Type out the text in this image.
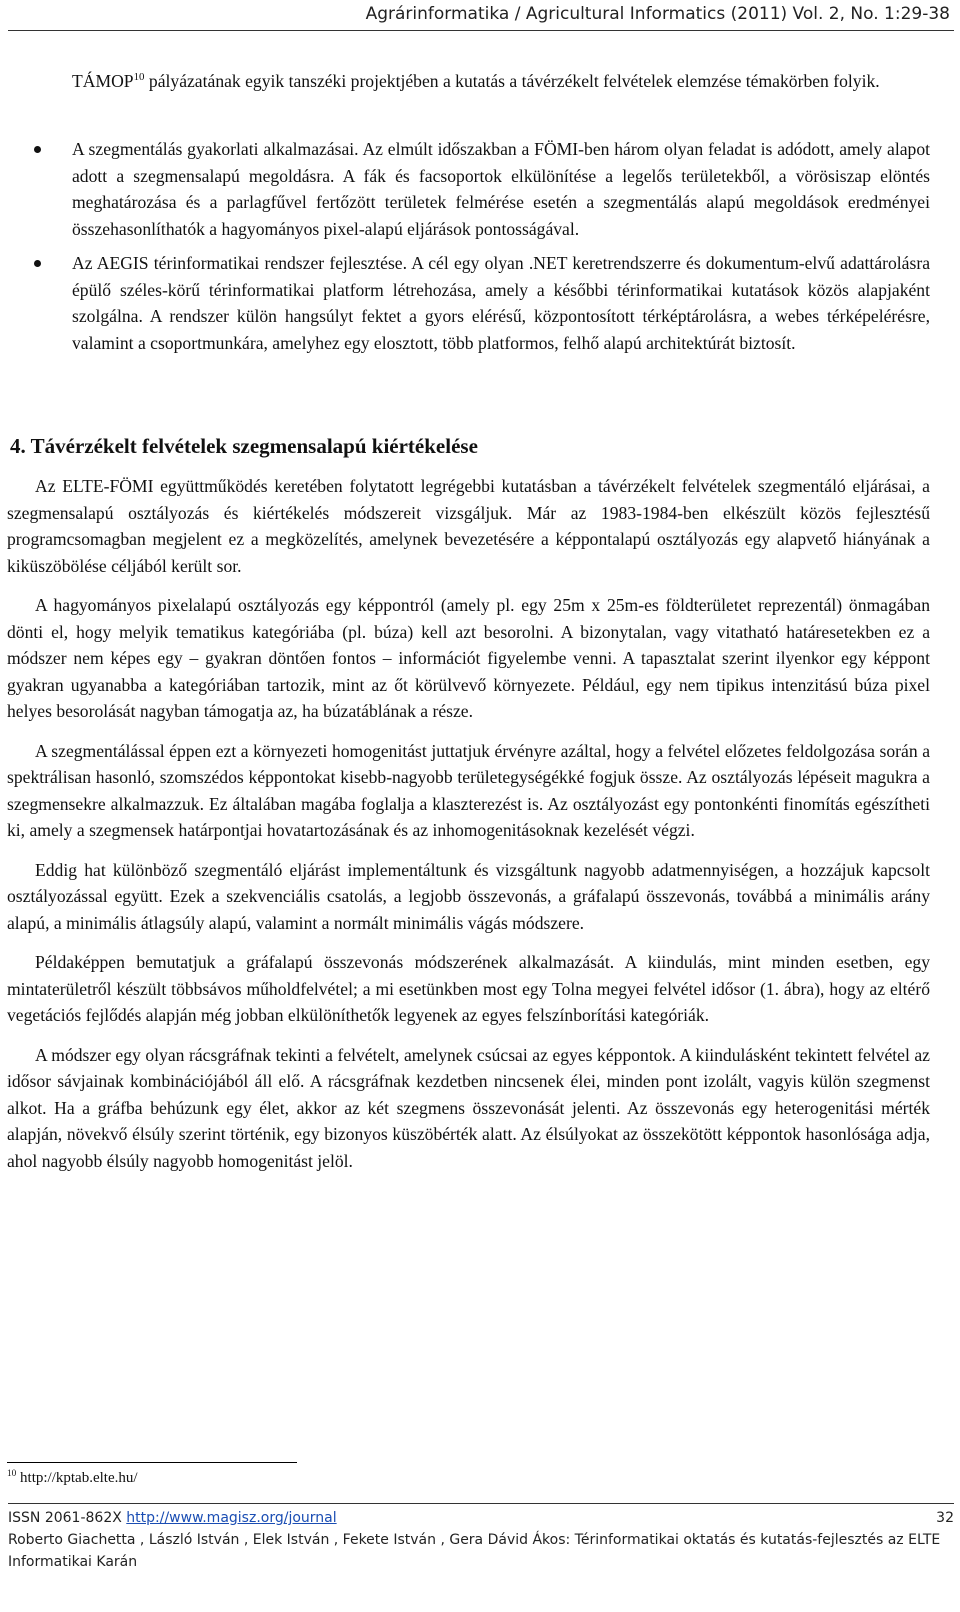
Agrárinformatika / Agricultural Informatics (2011) Vol. 2, No. 1:29-38

TÁMOP$^{10}$ pályázatának egyik tanszéki projektjében a kutatás a távérzékelt felvételek elemzése témakörben folyik.

A szegmentálás gyakorlati alkalmazásai. Az elmúlt időszakban a FÖMI-ben három olyan feladat is adódott, amely alapot adott a szegmensalapú megoldásra. A fák és facsoportok elkülönítése a legelős területekből, a vörösiszap elöntés meghatározása és a parlagfűvel fertőzött területek felmérése esetén a szegmentálás alapú megoldások eredményei összehasonlíthatók a hagyományos pixel-alapú eljárások pontosságával.
Az AEGIS térinformatikai rendszer fejlesztése. A cél egy olyan .NET keretrendszerre és dokumentum-elvű adattárolásra épülő széles-körű térinformatikai platform létrehozása, amely a későbbi térinformatikai kutatások közös alapjaként szolgálna. A rendszer külön hangsúlyt fektet a gyors elérésű, központosított térképtárolásra, a webes térképelérésre, valamint a csoportmunkára, amelyhez egy elosztott, több platformos, felhő alapú architektúrát biztosít.
4. Távérzékelt felvételek szegmensalapú kiértékelése

Az ELTE-FÖMI együttműködés keretében folytatott legrégebbi kutatásban a távérzékelt felvételek szegmentáló eljárásai, a szegmensalapú osztályozás és kiértékelés módszereit vizsgáljuk. Már az 1983-1984-ben elkészült közös fejlesztésű programcsomagban megjelent ez a megközelítés, amelynek bevezetésére a képpontalapú osztályozás egy alapvető hiányának a kiküszöbölése céljából került sor.

A hagyományos pixelalapú osztályozás egy képpontról (amely pl. egy 25m x 25m-es földterületet reprezentál) önmagában dönti el, hogy melyik tematikus kategóriába (pl. búza) kell azt besorolni. A bizonytalan, vagy vitatható határesetekben ez a módszer nem képes egy – gyakran döntően fontos – információt figyelembe venni. A tapasztalat szerint ilyenkor egy képpont gyakran ugyanabba a kategóriában tartozik, mint az őt körülvevő környezete. Például, egy nem tipikus intenzitású búza pixel helyes besorolását nagyban támogatja az, ha búzatáblának a része.

A szegmentálással éppen ezt a környezeti homogenitást juttatjuk érvényre azáltal, hogy a felvétel előzetes feldolgozása során a spektrálisan hasonló, szomszédos képpontokat kisebb-nagyobb területegységékké fogjuk össze. Az osztályozás lépéseit magukra a szegmensekre alkalmazzuk. Ez általában magába foglalja a klaszterezést is. Az osztályozást egy pontonkénti finomítás egészítheti ki, amely a szegmensek határpontjai hovatartozásának és az inhomogenitásoknak kezelését végzi.

Eddig hat különböző szegmentáló eljárást implementáltunk és vizsgáltunk nagyobb adatmennyiségen, a hozzájuk kapcsolt osztályozással együtt. Ezek a szekvenciális csatolás, a legjobb összevonás, a gráfalapú összevonás, továbbá a minimális arány alapú, a minimális átlagsúly alapú, valamint a normált minimális vágás módszere.

Példaképpen bemutatjuk a gráfalapú összevonás módszerének alkalmazását. A kiindulás, mint minden esetben, egy mintaterületről készült többsávos műholdfelvétel; a mi esetünkben most egy Tolna megyei felvétel idősor (1. ábra), hogy az eltérő vegetációs fejlődés alapján még jobban elkülöníthetők legyenek az egyes felszínborítási kategóriák.

A módszer egy olyan rácsgráfnak tekinti a felvételt, amelynek csúcsai az egyes képpontok. A kiindulásként tekintett felvétel az idősor sávjainak kombinációjából áll elő. A rácsgráfnak kezdetben nincsenek élei, minden pont izolált, vagyis külön szegmenst alkot. Ha a gráfba behúzunk egy élet, akkor az két szegmens összevonását jelenti. Az összevonás egy heterogenitási mérték alapján, növekvő élsúly szerint történik, egy bizonyos küszöbérték alatt. Az élsúlyokat az összekötött képpontok hasonlósága adja, ahol nagyobb élsúly nagyobb homogenitást jelöl.

$^{10}$ http://kptab.elte.hu/
ISSN 2061-862X http://www.magisz.org/journal	32
Roberto Giachetta , László István , Elek István , Fekete István , Gera Dávid Ákos: Térinformatikai oktatás és kutatás-fejlesztés az ELTE Informatikai Karán
